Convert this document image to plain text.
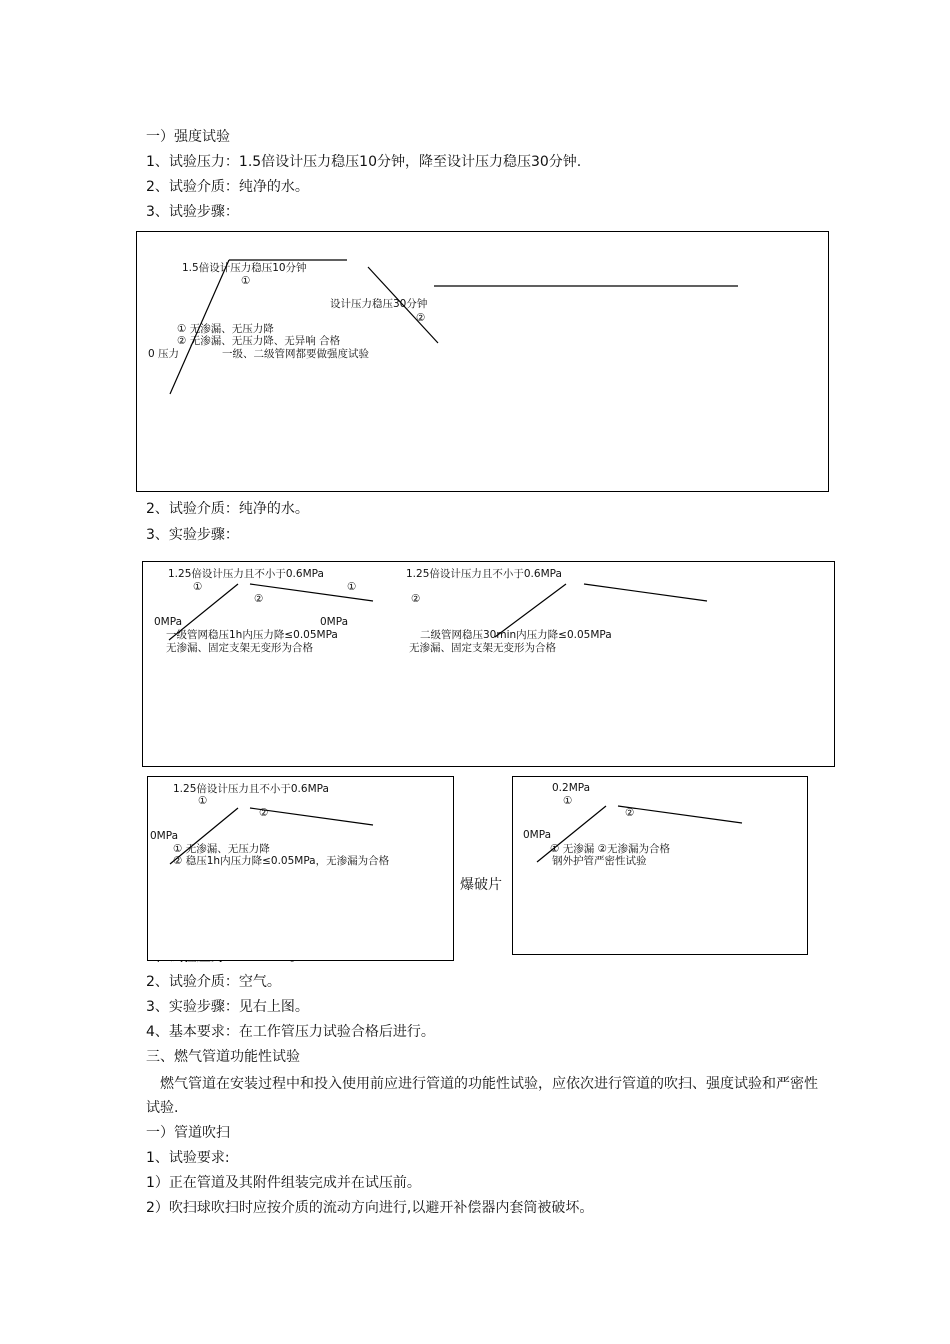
一）强度试验
1、试验压力：1.5倍设计压力稳压10分钟，降至设计压力稳压30分钟.
2、试验介质：纯净的水。
3、试验步骤：
1.5倍设计压力稳压10分钟
①
设计压力稳压30分钟
②
① 无渗漏、无压力降
② 无渗漏、无压力降、无异响 合格
0 压力	一级、二级管网都要做强度试验
2、试验介质：纯净的水。
3、实验步骤：
1.25倍设计压力且不小于0.6MPa
①	①
②
0MPa	0MPa
一级管网稳压1h内压力降≤0.05MPa
无渗漏、固定支架无变形为合格
1.25倍设计压力且不小于0.6MPa
②
二级管网稳压30min内压力降≤0.05MPa
无渗漏、固定支架无变形为合格
爆破片
1.25倍设计压力且不小于0.6MPa
①
②
0MPa
① 无渗漏、无压力降
② 稳压1h内压力降≤0.05MPa，无渗漏为合格
0.2MPa
①
②
0MPa
① 无渗漏 ②无渗漏为合格
钢外护管严密性试验
2、试验介质：空气。
3、实验步骤：见右上图。
4、基本要求：在工作管压力试验合格后进行。
三、燃气管道功能性试验
燃气管道在安装过程中和投入使用前应进行管道的功能性试验，应依次进行管道的吹扫、强度试验和严密性试验.
一）管道吹扫
1、试验要求:
1）正在管道及其附件组装完成并在试压前。
2）吹扫球吹扫时应按介质的流动方向进行,以避开补偿器内套筒被破坏。
